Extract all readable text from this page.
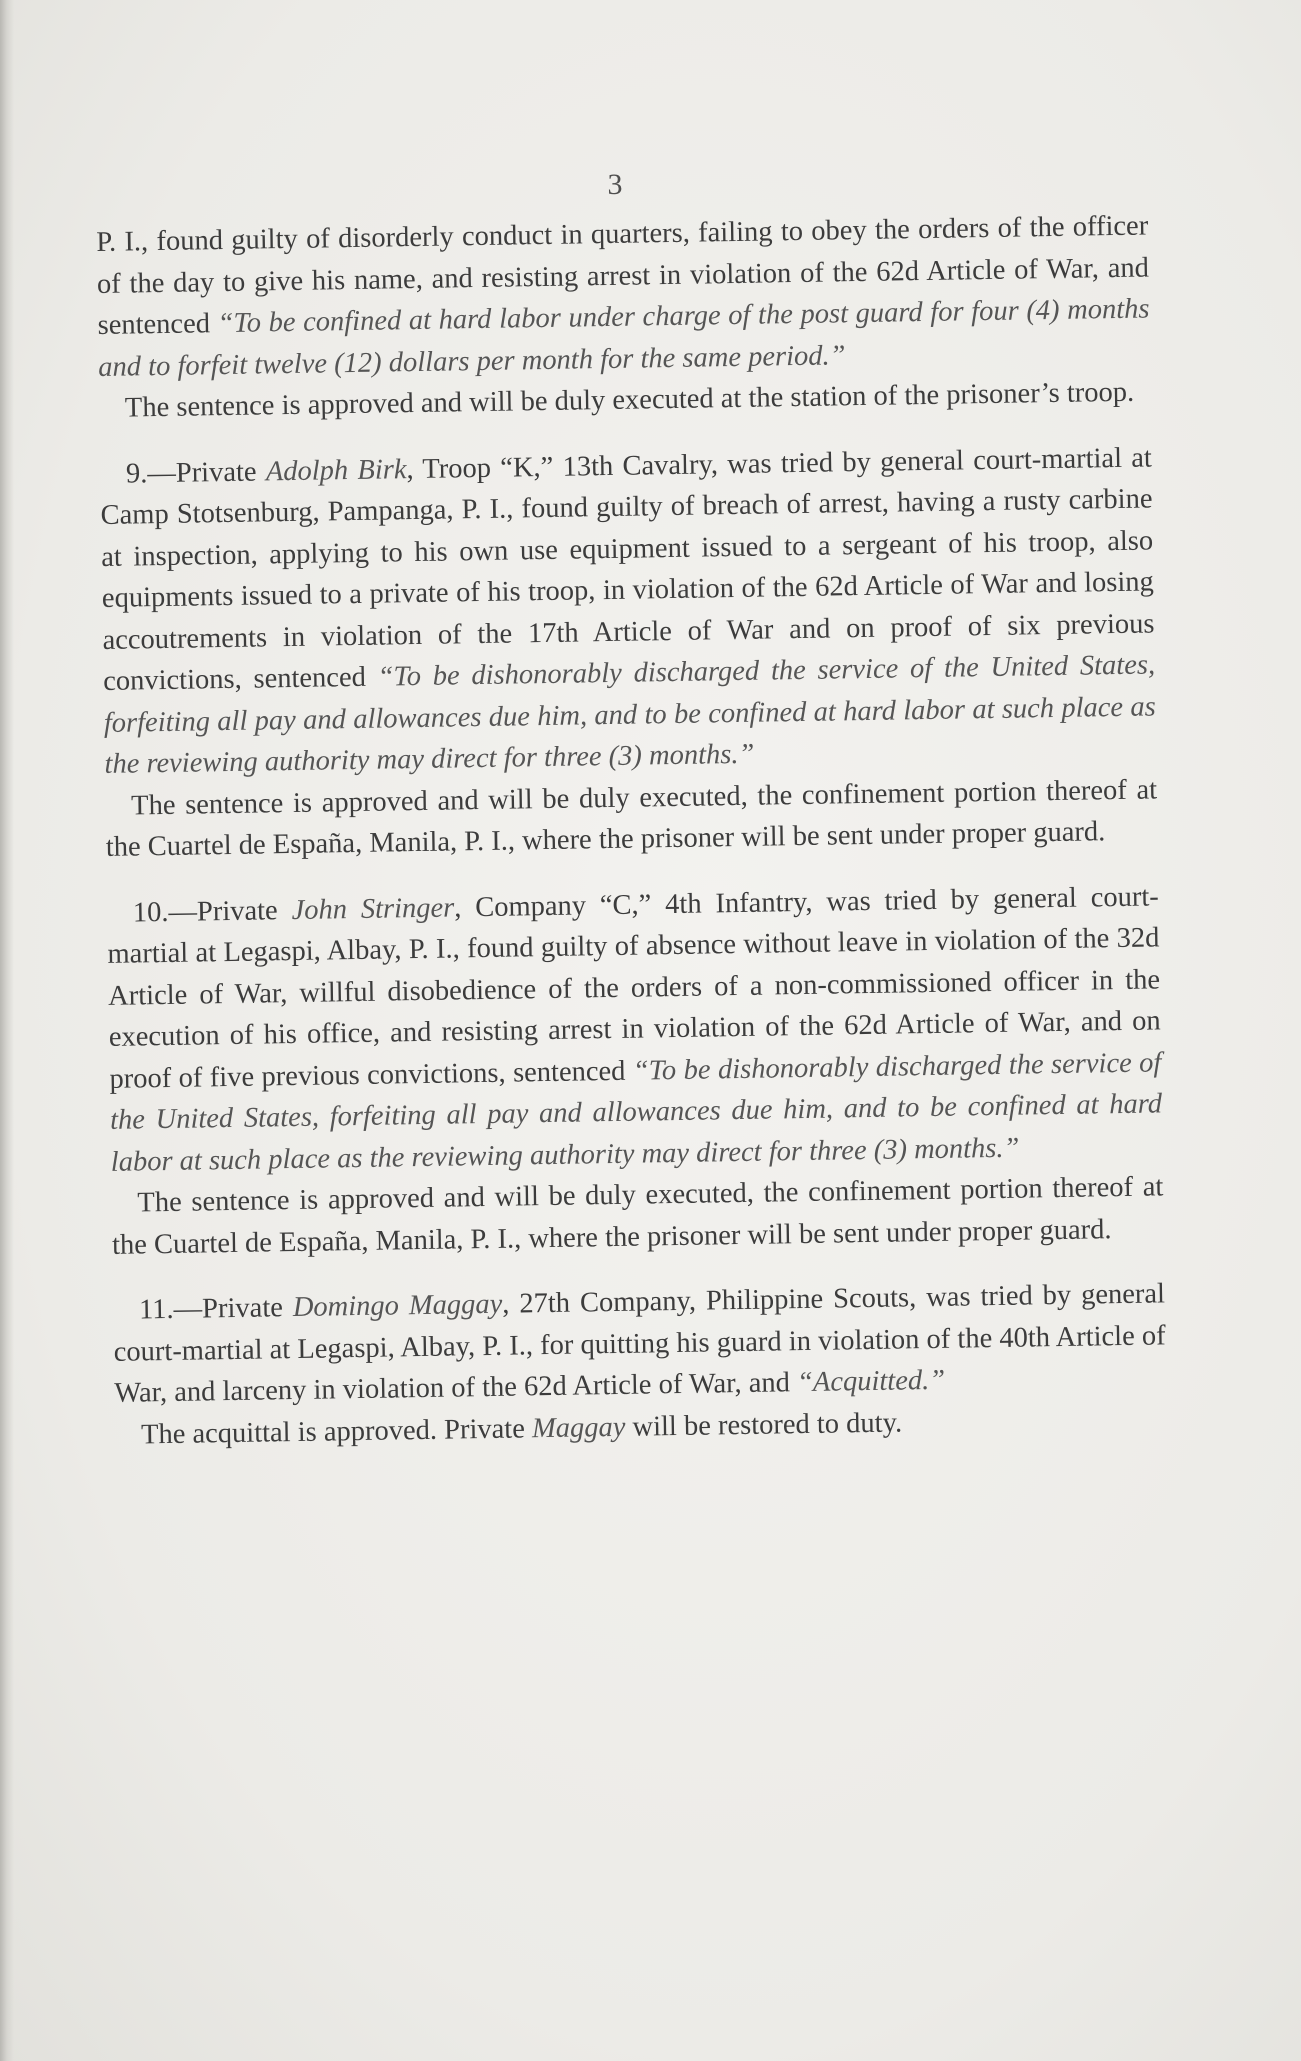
3

P. I., found guilty of disorderly conduct in quarters, failing to obey the orders of the officer of the day to give his name, and resisting arrest in violation of the 62d Article of War, and sentenced “To be confined at hard labor under charge of the post guard for four (4) months and to forfeit twelve (12) dollars per month for the same period.”

The sentence is approved and will be duly executed at the station of the prisoner’s troop.

9.—Private Adolph Birk, Troop “K,” 13th Cavalry, was tried by general court-martial at Camp Stotsenburg, Pampanga, P. I., found guilty of breach of arrest, having a rusty carbine at inspection, applying to his own use equipment issued to a sergeant of his troop, also equipments issued to a private of his troop, in violation of the 62d Article of War and losing accoutrements in violation of the 17th Article of War and on proof of six previous convictions, sentenced “To be dishonorably discharged the service of the United States, forfeiting all pay and allowances due him, and to be confined at hard labor at such place as the reviewing authority may direct for three (3) months.”

The sentence is approved and will be duly executed, the confinement portion thereof at the Cuartel de España, Manila, P. I., where the prisoner will be sent under proper guard.

10.—Private John Stringer, Company “C,” 4th Infantry, was tried by general court-martial at Legaspi, Albay, P. I., found guilty of absence without leave in violation of the 32d Article of War, willful disobedience of the orders of a non-commissioned officer in the execution of his office, and resisting arrest in violation of the 62d Article of War, and on proof of five previous convictions, sentenced “To be dishonorably discharged the service of the United States, forfeiting all pay and allowances due him, and to be confined at hard labor at such place as the reviewing authority may direct for three (3) months.”

The sentence is approved and will be duly executed, the confinement portion thereof at the Cuartel de España, Manila, P. I., where the prisoner will be sent under proper guard.

11.—Private Domingo Maggay, 27th Company, Philippine Scouts, was tried by general court-martial at Legaspi, Albay, P. I., for quitting his guard in violation of the 40th Article of War, and larceny in violation of the 62d Article of War, and “Acquitted.”

The acquittal is approved. Private Maggay will be restored to duty.
